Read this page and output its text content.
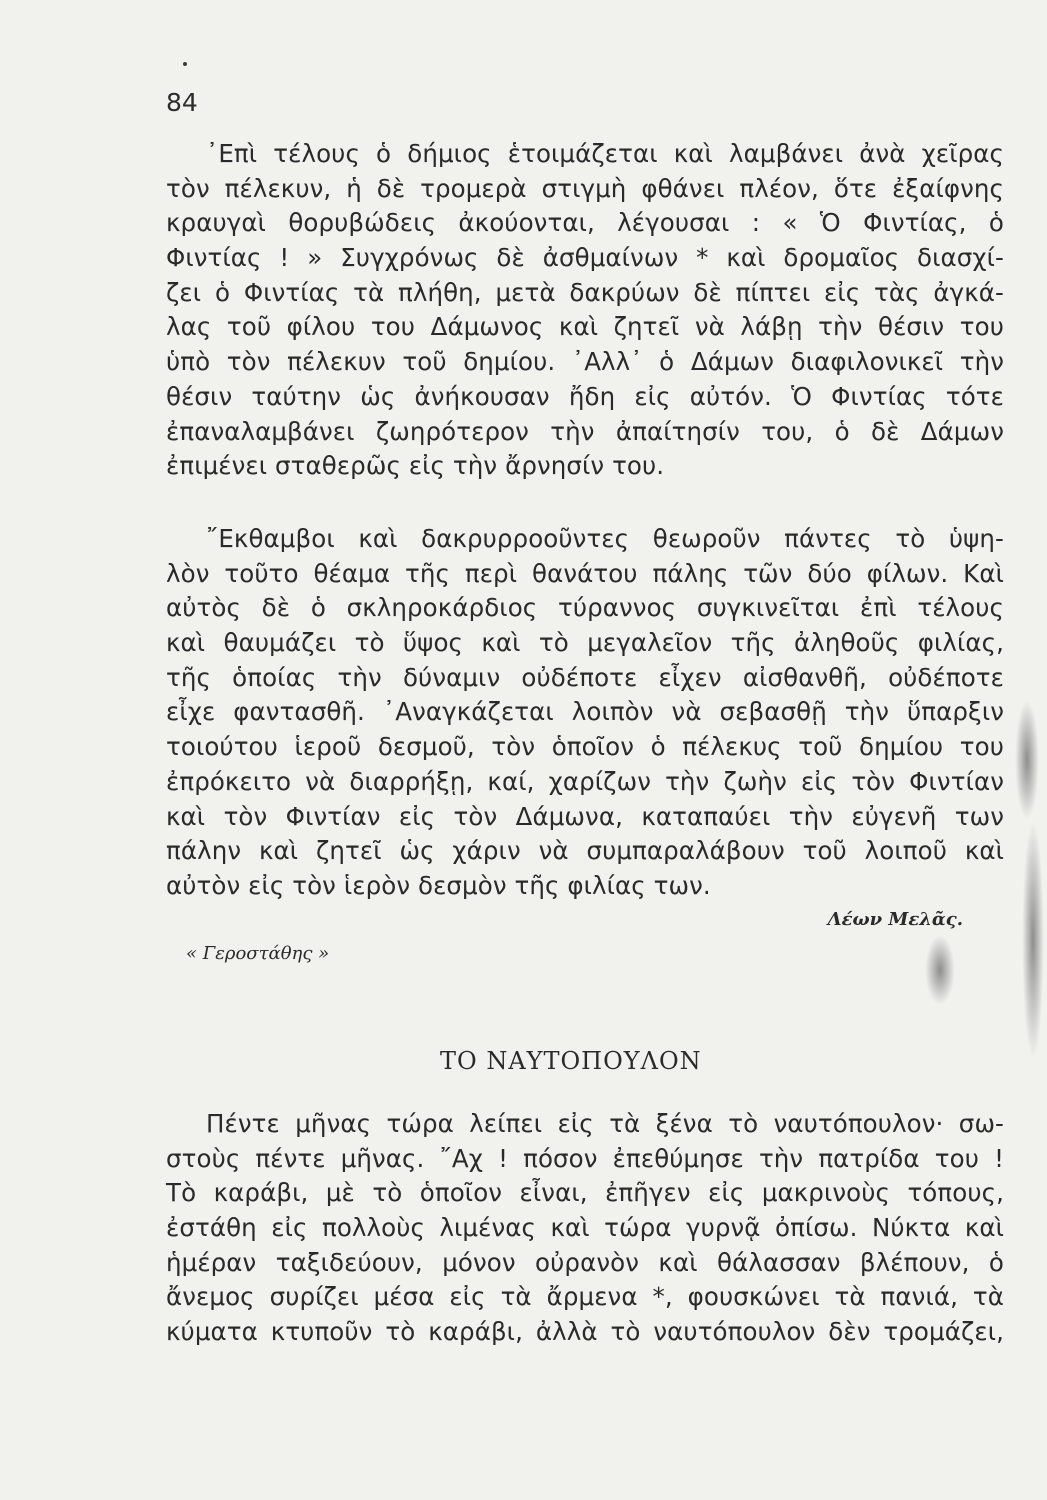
84
᾿Επὶ τέλους ὁ δήμιος ἑτοιμάζεται καὶ λαμβάνει ἀνὰ χεῖρας
τὸν πέλεκυν, ἡ δὲ τρομερὰ στιγμὴ φθάνει πλέον, ὅτε ἐξαίφνης
κραυγαὶ θορυβώδεις ἀκούονται, λέγουσαι : « Ὁ Φιντίας, ὁ
Φιντίας ! » Συγχρόνως δὲ ἀσθμαίνων * καὶ δρομαῖος διασχί-
ζει ὁ Φιντίας τὰ πλήθη, μετὰ δακρύων δὲ πίπτει εἰς τὰς ἀγκά-
λας τοῦ φίλου του Δάμωνος καὶ ζητεῖ νὰ λάβῃ τὴν θέσιν του
ὑπὸ τὸν πέλεκυν τοῦ δημίου. ᾿Αλλ᾿ ὁ Δάμων διαφιλονικεῖ τὴν
θέσιν ταύτην ὡς ἀνήκουσαν ἤδη εἰς αὐτόν. Ὁ Φιντίας τότε
ἐπαναλαμβάνει ζωηρότερον τὴν ἀπαίτησίν του, ὁ δὲ Δάμων
ἐπιμένει σταθερῶς εἰς τὴν ἄρνησίν του.
῎Εκθαμβοι καὶ δακρυρροοῦντες θεωροῦν πάντες τὸ ὑψη-
λὸν τοῦτο θέαμα τῆς περὶ θανάτου πάλης τῶν δύο φίλων. Καὶ
αὐτὸς δὲ ὁ σκληροκάρδιος τύραννος συγκινεῖται ἐπὶ τέλους
καὶ θαυμάζει τὸ ὕψος καὶ τὸ μεγαλεῖον τῆς ἀληθοῦς φιλίας,
τῆς ὁποίας τὴν δύναμιν οὐδέποτε εἶχεν αἰσθανθῆ, οὐδέποτε
εἶχε φαντασθῆ. ᾿Αναγκάζεται λοιπὸν νὰ σεβασθῇ τὴν ὕπαρξιν
τοιούτου ἱεροῦ δεσμοῦ, τὸν ὁποῖον ὁ πέλεκυς τοῦ δημίου του
ἐπρόκειτο νὰ διαρρήξῃ, καί, χαρίζων τὴν ζωὴν εἰς τὸν Φιντίαν
καὶ τὸν Φιντίαν εἰς τὸν Δάμωνα, καταπαύει τὴν εὐγενῆ των
πάλην καὶ ζητεῖ ὡς χάριν νὰ συμπαραλάβουν τοῦ λοιποῦ καὶ
αὐτὸν εἰς τὸν ἱερὸν δεσμὸν τῆς φιλίας των.
Λέων Μελᾶς.
« Γεροστάθης »
ΤΟ ΝΑΥΤΟΠΟΥΛΟΝ
Πέντε μῆνας τώρα λείπει εἰς τὰ ξένα τὸ ναυτόπουλον· σω-
στοὺς πέντε μῆνας. ῎Αχ ! πόσον ἐπεθύμησε τὴν πατρίδα του !
Τὸ καράβι, μὲ τὸ ὁποῖον εἶναι, ἐπῆγεν εἰς μακρινοὺς τόπους,
ἐστάθη εἰς πολλοὺς λιμένας καὶ τώρα γυρνᾷ ὀπίσω. Νύκτα καὶ
ἡμέραν ταξιδεύουν, μόνον οὐρανὸν καὶ θάλασσαν βλέπουν, ὁ
ἄνεμος συρίζει μέσα εἰς τὰ ἄρμενα *, φουσκώνει τὰ πανιά, τὰ
κύματα κτυποῦν τὸ καράβι, ἀλλὰ τὸ ναυτόπουλον δὲν τρομάζει,
